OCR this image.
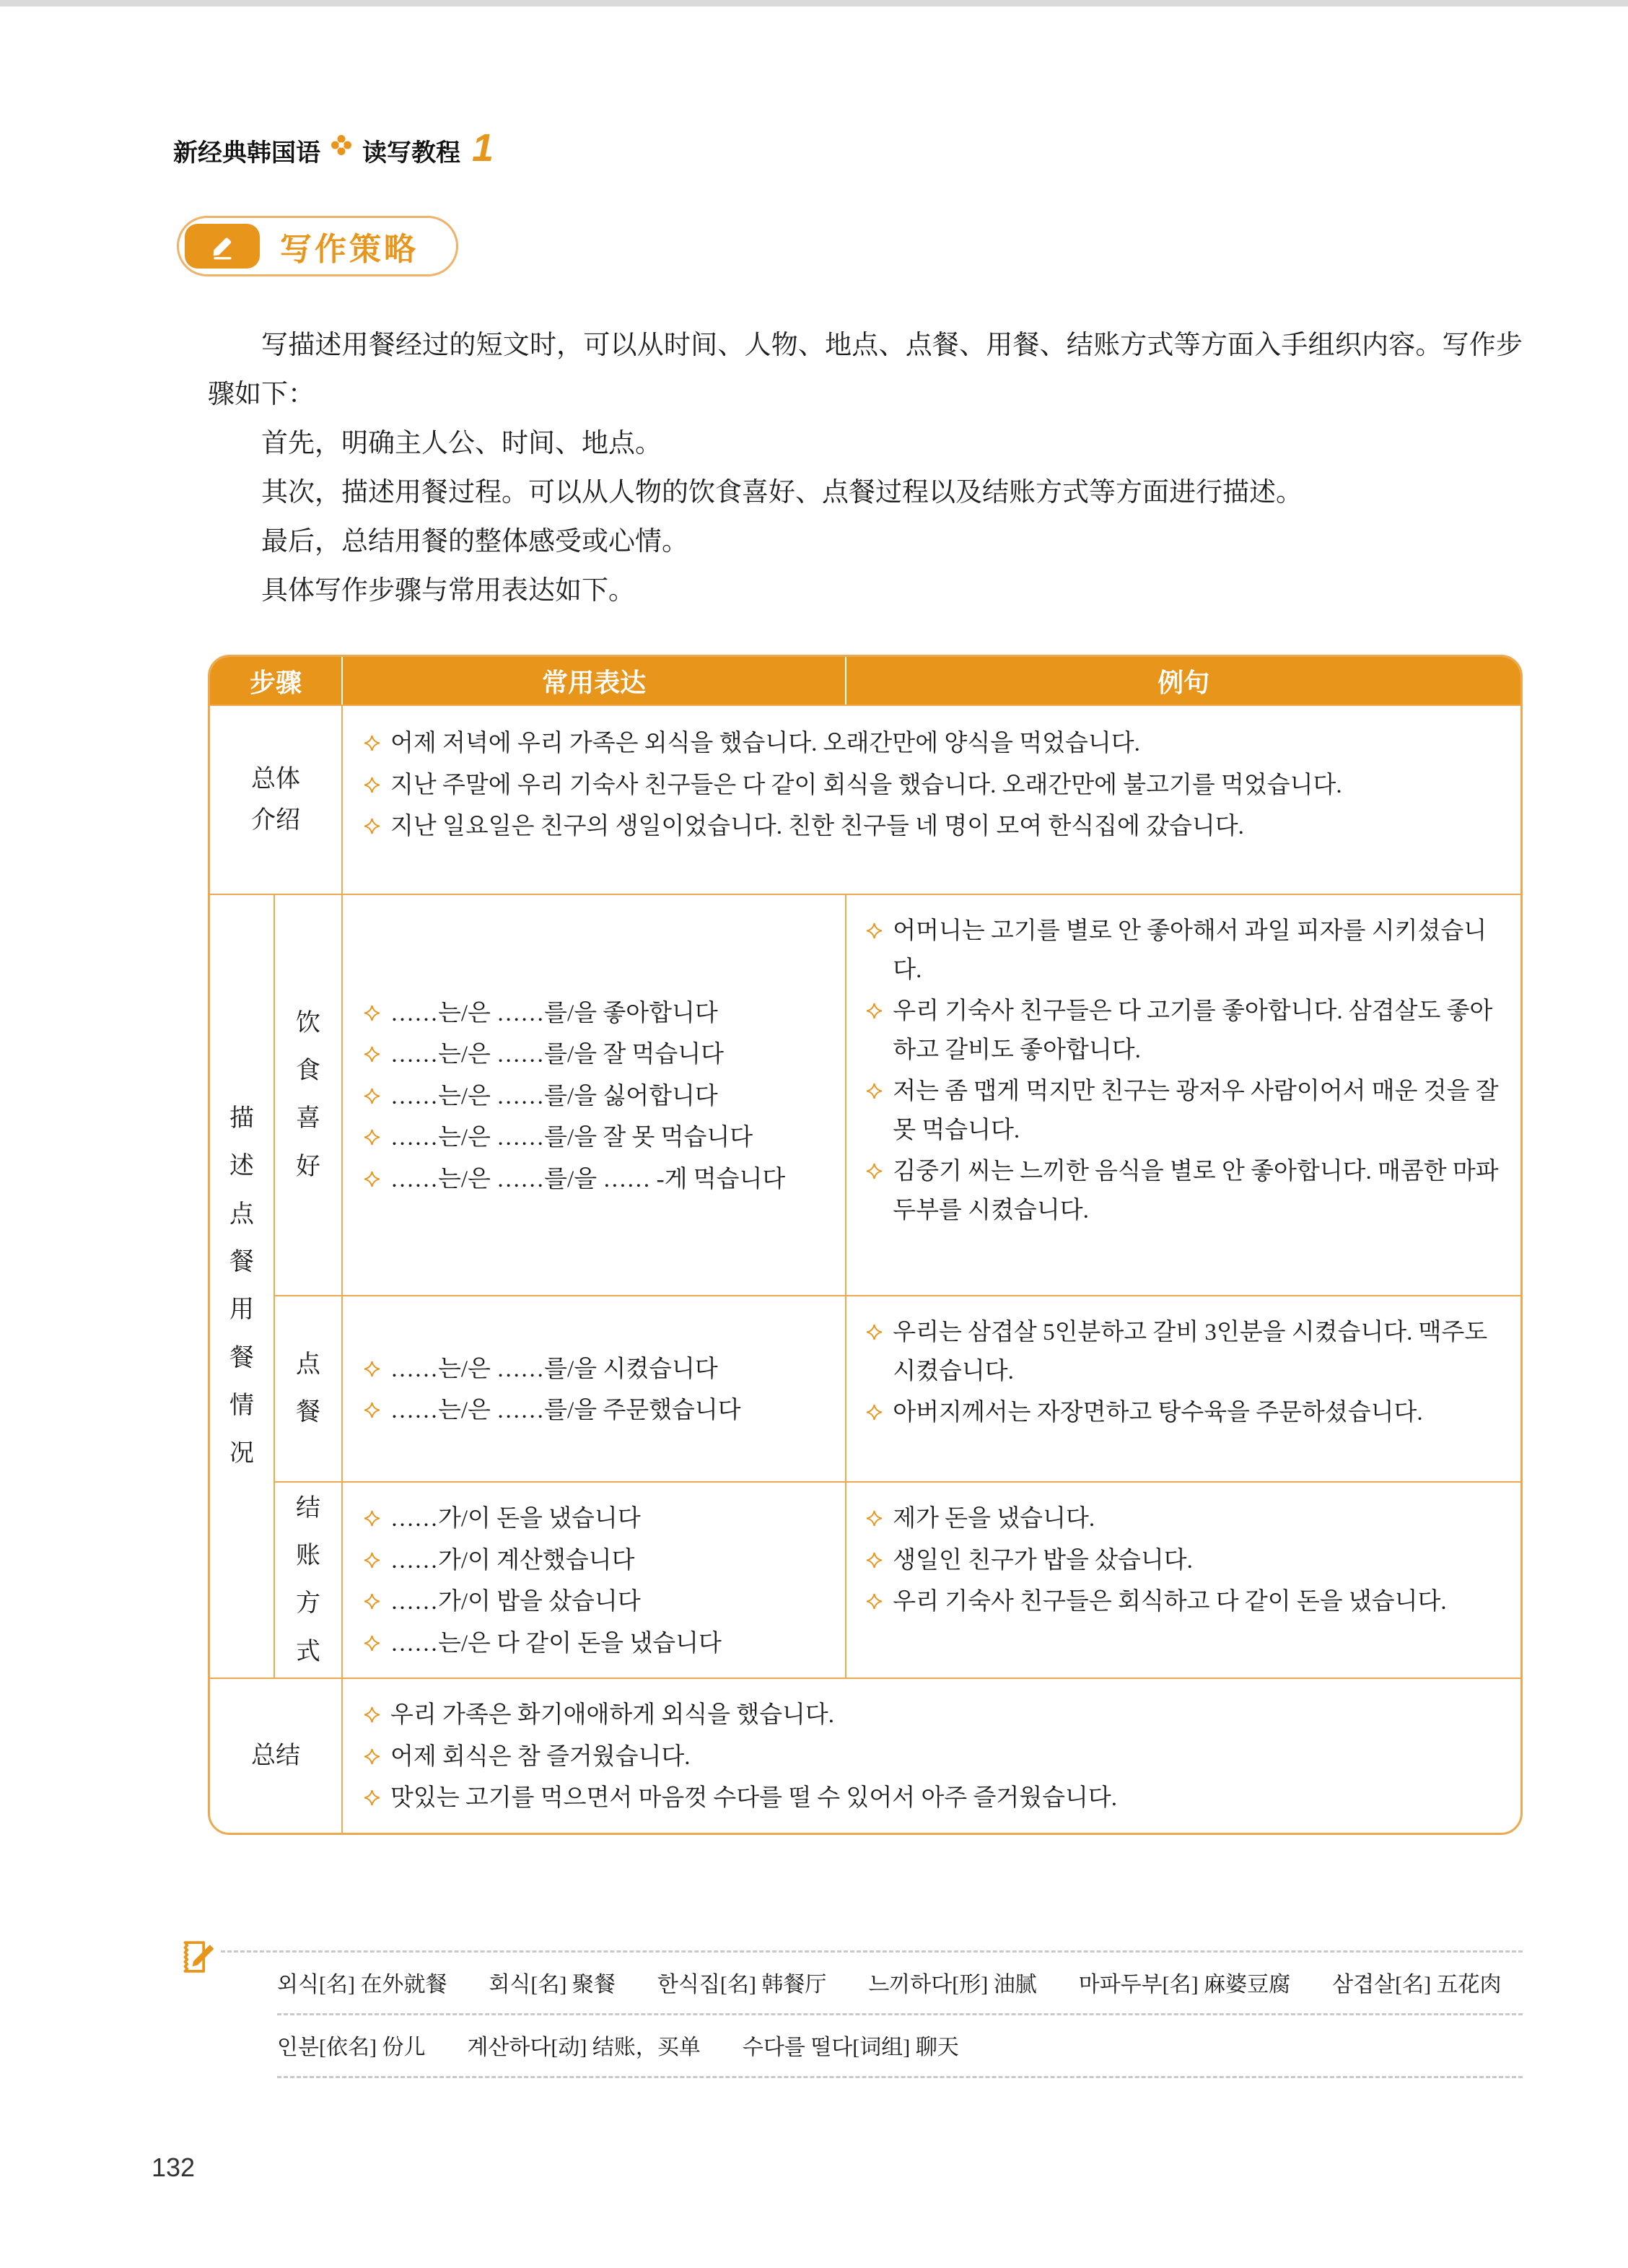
新经典韩国语 读写教程 1
写作策略

写描述用餐经过的短文时，可以从时间、人物、地点、点餐、用餐、结账方式等方面入手组织内容。写作步骤如下：

首先，明确主人公、时间、地点。

其次，描述用餐过程。可以从人物的饮食喜好、点餐过程以及结账方式等方面进行描述。

最后，总结用餐的整体感受或心情。

具体写作步骤与常用表达如下。

步骤	常用表达	例句
总体介绍
어제 저녁에 우리 가족은 외식을 했습니다. 오래간만에 양식을 먹었습니다.
지난 주말에 우리 기숙사 친구들은 다 같이 회식을 했습니다. 오래간만에 불고기를 먹었습니다.
지난 일요일은 친구의 생일이었습니다. 친한 친구들 네 명이 모여 한식집에 갔습니다.
描述点餐用餐情况
饮食喜好
……는/은 ……를/을 좋아합니다
……는/은 ……를/을 잘 먹습니다
……는/은 ……를/을 싫어합니다
……는/은 ……를/을 잘 못 먹습니다
……는/은 ……를/을 …… -게 먹습니다
어머니는 고기를 별로 안 좋아해서 과일 피자를 시키셨습니다.
우리 기숙사 친구들은 다 고기를 좋아합니다. 삼겹살도 좋아하고 갈비도 좋아합니다.
저는 좀 맵게 먹지만 친구는 광저우 사람이어서 매운 것을 잘 못 먹습니다.
김중기 씨는 느끼한 음식을 별로 안 좋아합니다. 매콤한 마파두부를 시켰습니다.
点餐
……는/은 ……를/을 시켰습니다
……는/은 ……를/을 주문했습니다
우리는 삼겹살 5인분하고 갈비 3인분을 시켰습니다. 맥주도 시켰습니다.
아버지께서는 자장면하고 탕수육을 주문하셨습니다.
结账方式
……가/이 돈을 냈습니다
……가/이 계산했습니다
……가/이 밥을 샀습니다
……는/은 다 같이 돈을 냈습니다
제가 돈을 냈습니다.
생일인 친구가 밥을 샀습니다.
우리 기숙사 친구들은 회식하고 다 같이 돈을 냈습니다.
总结
우리 가족은 화기애애하게 외식을 했습니다.
어제 회식은 참 즐거웠습니다.
맛있는 고기를 먹으면서 마음껏 수다를 떨 수 있어서 아주 즐거웠습니다.
외식[名] 在外就餐 회식[名] 聚餐 한식집[名] 韩餐厅 느끼하다[形] 油腻 마파두부[名] 麻婆豆腐 삼겹살[名] 五花肉
인분[依名] 份儿 계산하다[动] 结账，买单 수다를 떨다[词组] 聊天
132
